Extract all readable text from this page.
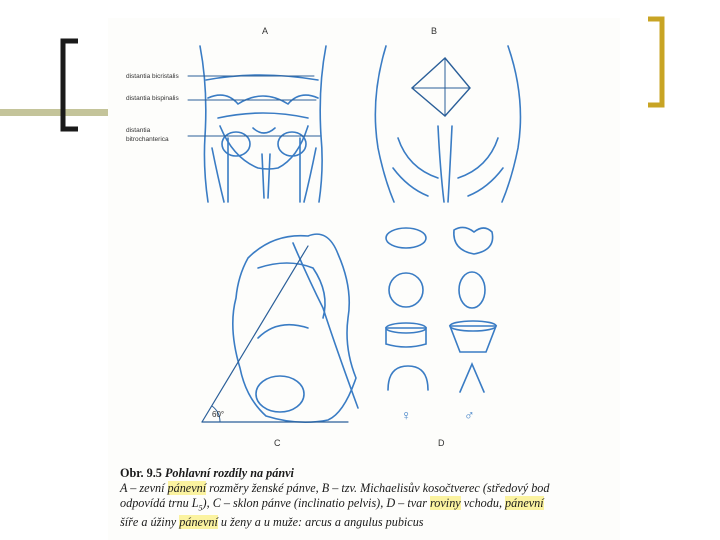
A	B
C	D
distantia bicristalis
distantia bispinalis
distantia
bitrochanterica
60°	♀	♂
Obr. 9.5 Pohlavní rozdíly na pánvi
A – zevní pánevní rozměry ženské pánve, B – tzv. Michaelisův kosočtverec (středový bod
odpovídá trnu $L_5$), C – sklon pánve (inclinatio pelvis), D – tvar roviny vchodu, pánevní
šíře a úžiny pánevní u ženy a u muže: arcus a angulus pubicus
